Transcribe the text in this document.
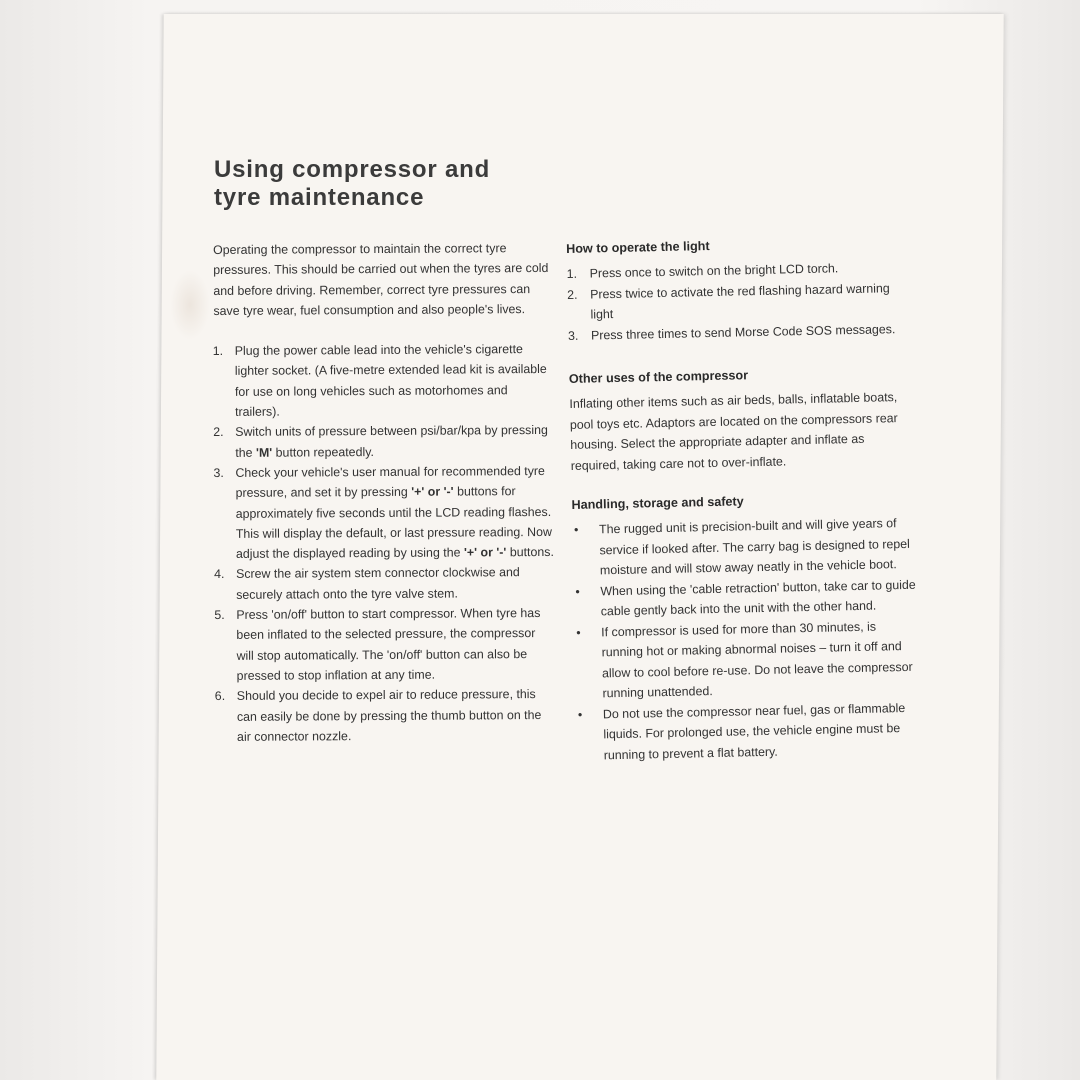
Using compressor and
tyre maintenance

Operating the compressor to maintain the correct tyre pressures. This should be carried out when the tyres are cold and before driving. Remember, correct tyre pressures can save tyre wear, fuel consumption and also people's lives.

1. Plug the power cable lead into the vehicle's cigarette lighter socket. (A five-metre extended lead kit is available for use on long vehicles such as motorhomes and trailers).
2. Switch units of pressure between psi/bar/kpa by pressing the 'M' button repeatedly.
3. Check your vehicle's user manual for recommended tyre pressure, and set it by pressing '+' or '-' buttons for approximately five seconds until the LCD reading flashes. This will display the default, or last pressure reading. Now adjust the displayed reading by using the '+' or '-' buttons.
4. Screw the air system stem connector clockwise and securely attach onto the tyre valve stem.
5. Press 'on/off' button to start compressor. When tyre has been inflated to the selected pressure, the compressor will stop automatically. The 'on/off' button can also be pressed to stop inflation at any time.
6. Should you decide to expel air to reduce pressure, this can easily be done by pressing the thumb button on the air connector nozzle.
How to operate the light
1. Press once to switch on the bright LCD torch.
2. Press twice to activate the red flashing hazard warning light
3. Press three times to send Morse Code SOS messages.
Other uses of the compressor

Inflating other items such as air beds, balls, inflatable boats, pool toys etc. Adaptors are located on the compressors rear housing. Select the appropriate adapter and inflate as required, taking care not to over-inflate.

Handling, storage and safety
• The rugged unit is precision-built and will give years of service if looked after. The carry bag is designed to repel moisture and will stow away neatly in the vehicle boot.
• When using the 'cable retraction' button, take car to guide cable gently back into the unit with the other hand.
• If compressor is used for more than 30 minutes, is running hot or making abnormal noises – turn it off and allow to cool before re-use. Do not leave the compressor running unattended.
• Do not use the compressor near fuel, gas or flammable liquids. For prolonged use, the vehicle engine must be running to prevent a flat battery.
